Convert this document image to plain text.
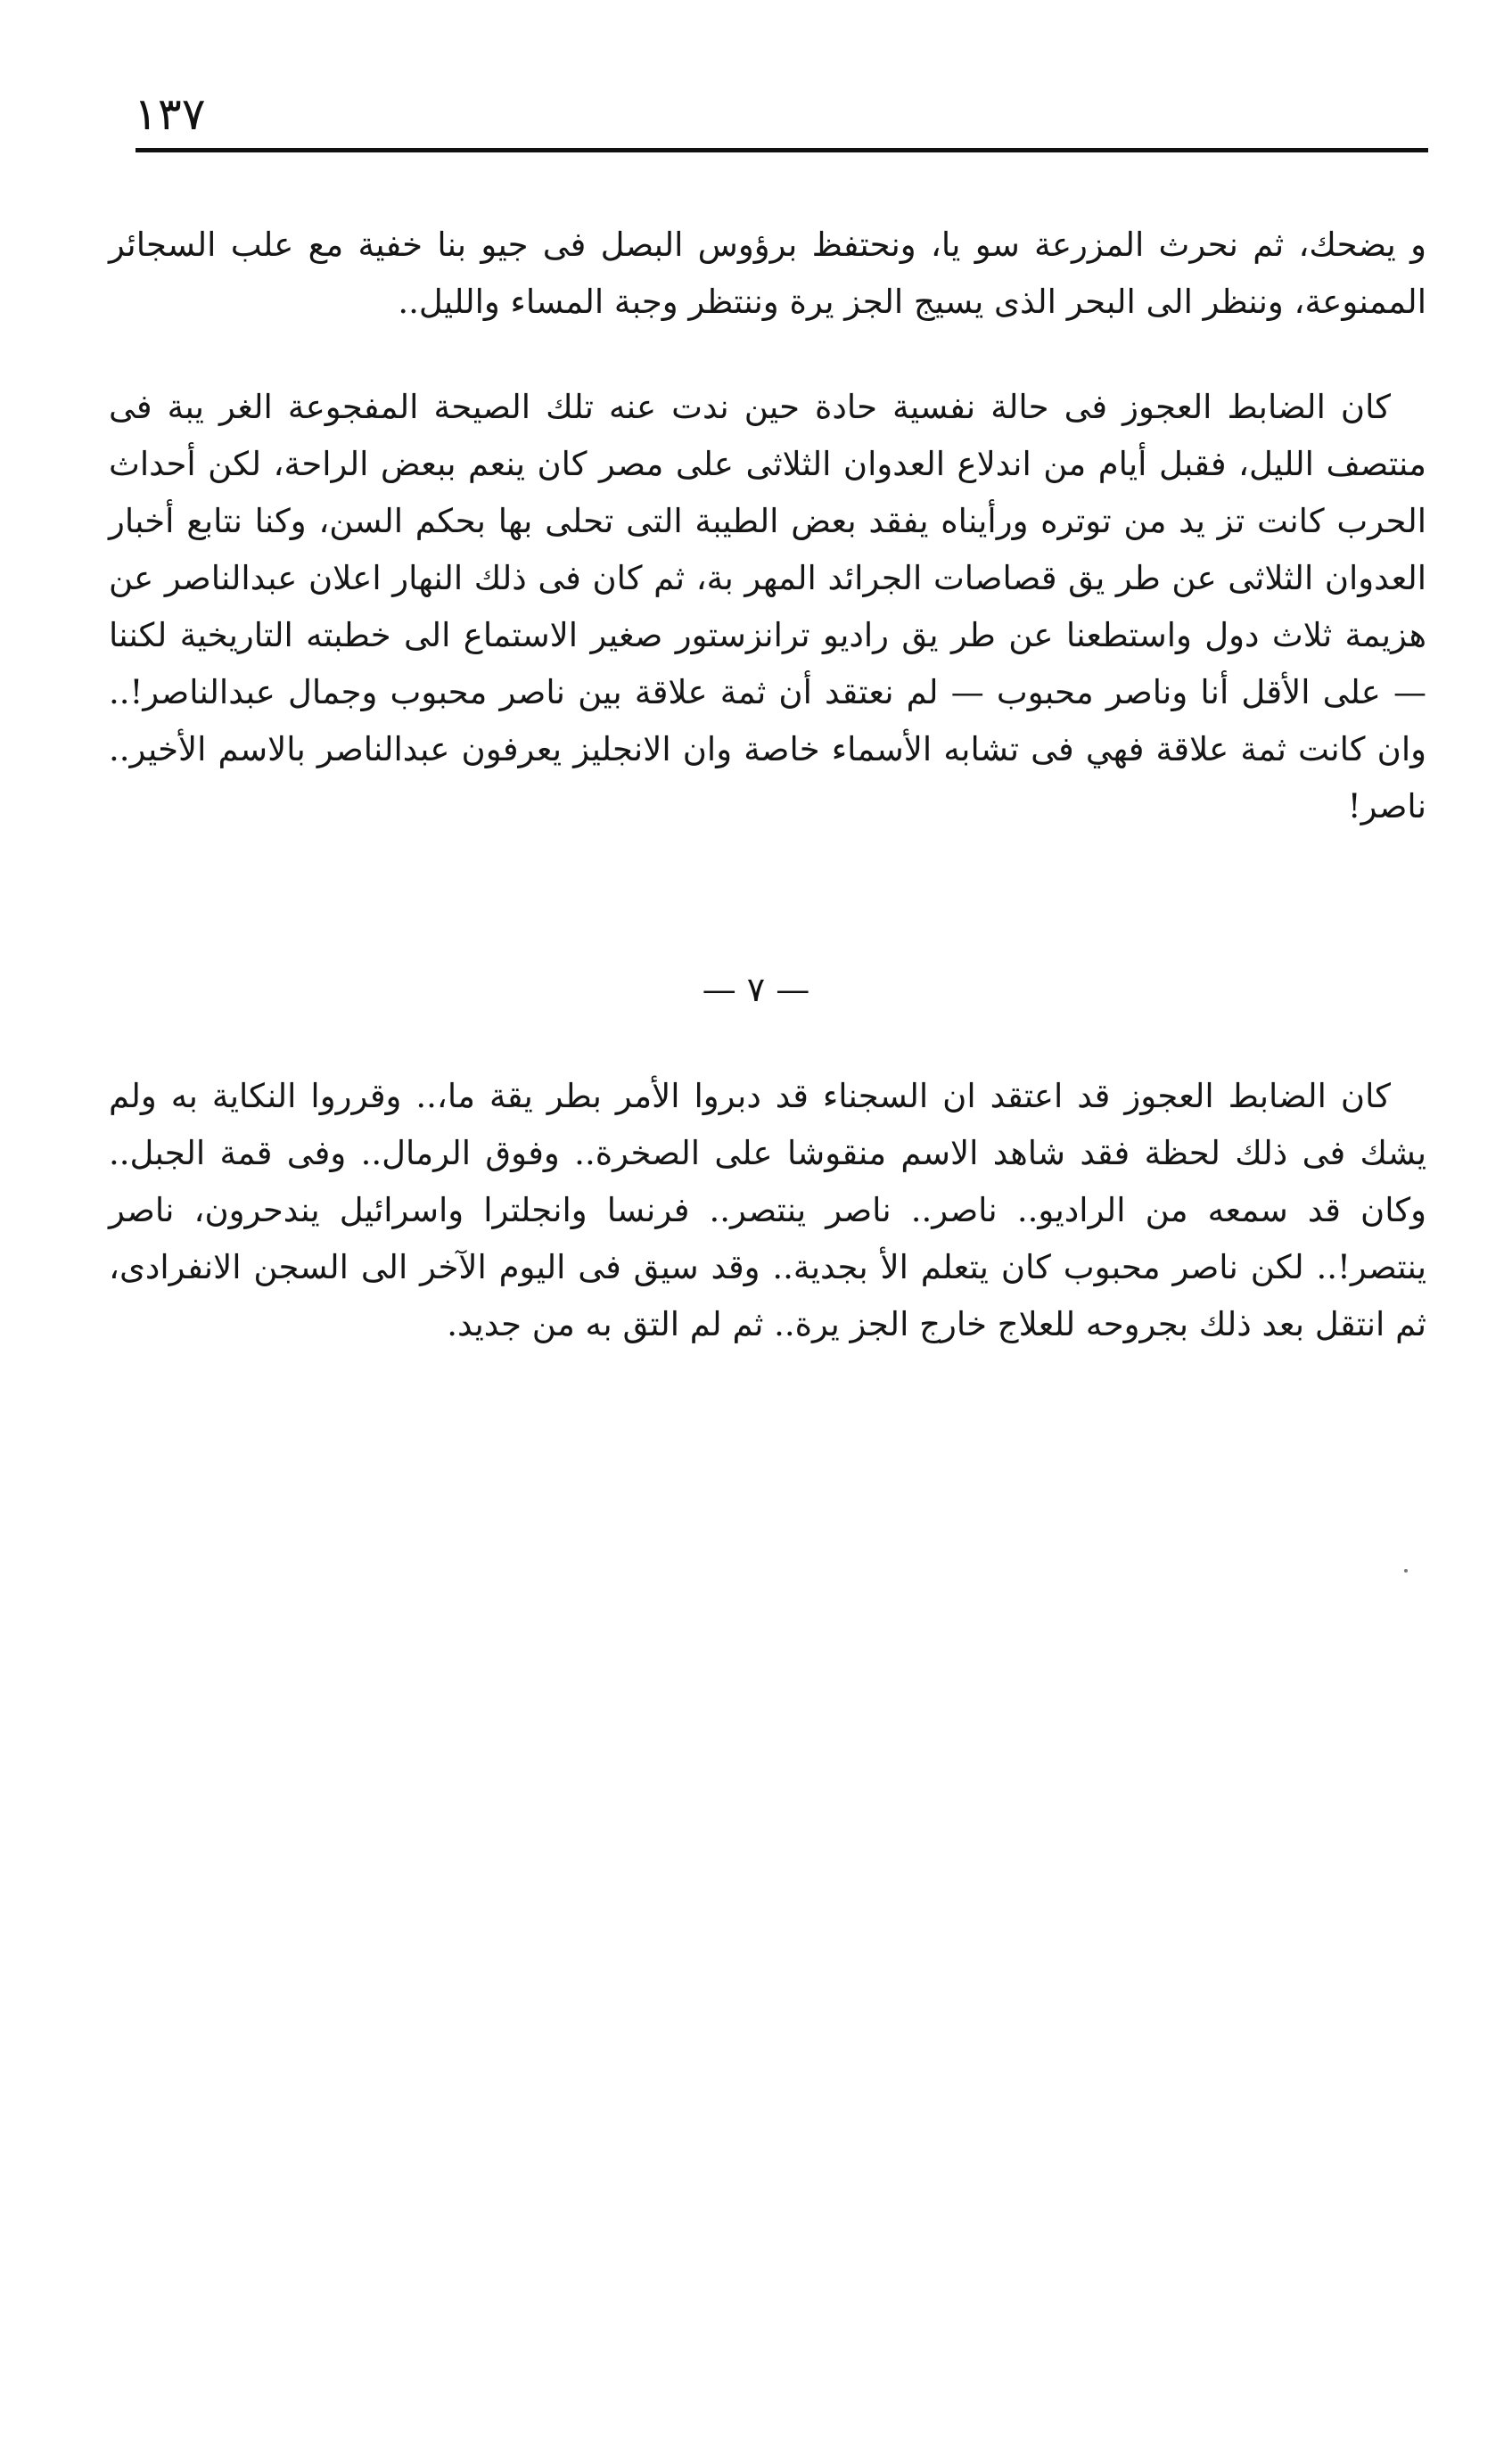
١٣٧

و يضحك، ثم نحرث المزرعة سو يا، ونحتفظ برؤوس البصل فى جيو بنا خفية مع علب السجائر الممنوعة، وننظر الى البحر الذى يسيج الجز يرة وننتظر وجبة المساء والليل..

كان الضابط العجوز فى حالة نفسية حادة حين ندت عنه تلك الصيحة المفجوعة الغر يبة فى منتصف الليل، فقبل أيام من اندلاع العدوان الثلاثى على مصر كان ينعم ببعض الراحة، لكن أحداث الحرب كانت تز يد من توتره ورأيناه يفقد بعض الطيبة التى تحلى بها بحكم السن، وكنا نتابع أخبار العدوان الثلاثى عن طر يق قصاصات الجرائد المهر بة، ثم كان فى ذلك النهار اعلان عبدالناصر عن هزيمة ثلاث دول واستطعنا عن طر يق راديو ترانزستور صغير الاستماع الى خطبته التاريخية لكننا — على الأقل أنا وناصر محبوب — لم نعتقد أن ثمة علاقة بين ناصر محبوب وجمال عبدالناصر!.. وان كانت ثمة علاقة فهي فى تشابه الأسماء خاصة وان الانجليز يعرفون عبدالناصر بالاسم الأخير.. ناصر!

— ٧ —

كان الضابط العجوز قد اعتقد ان السجناء قد دبروا الأمر بطر يقة ما،.. وقرروا النكاية به ولم يشك فى ذلك لحظة فقد شاهد الاسم منقوشا على الصخرة.. وفوق الرمال.. وفى قمة الجبل.. وكان قد سمعه من الراديو.. ناصر.. ناصر ينتصر.. فرنسا وانجلترا واسرائيل يندحرون، ناصر ينتصر!.. لكن ناصر محبوب كان يتعلم الأ بجدية.. وقد سيق فى اليوم الآخر الى السجن الانفرادى، ثم انتقل بعد ذلك بجروحه للعلاج خارج الجز يرة.. ثم لم التق به من جديد.
